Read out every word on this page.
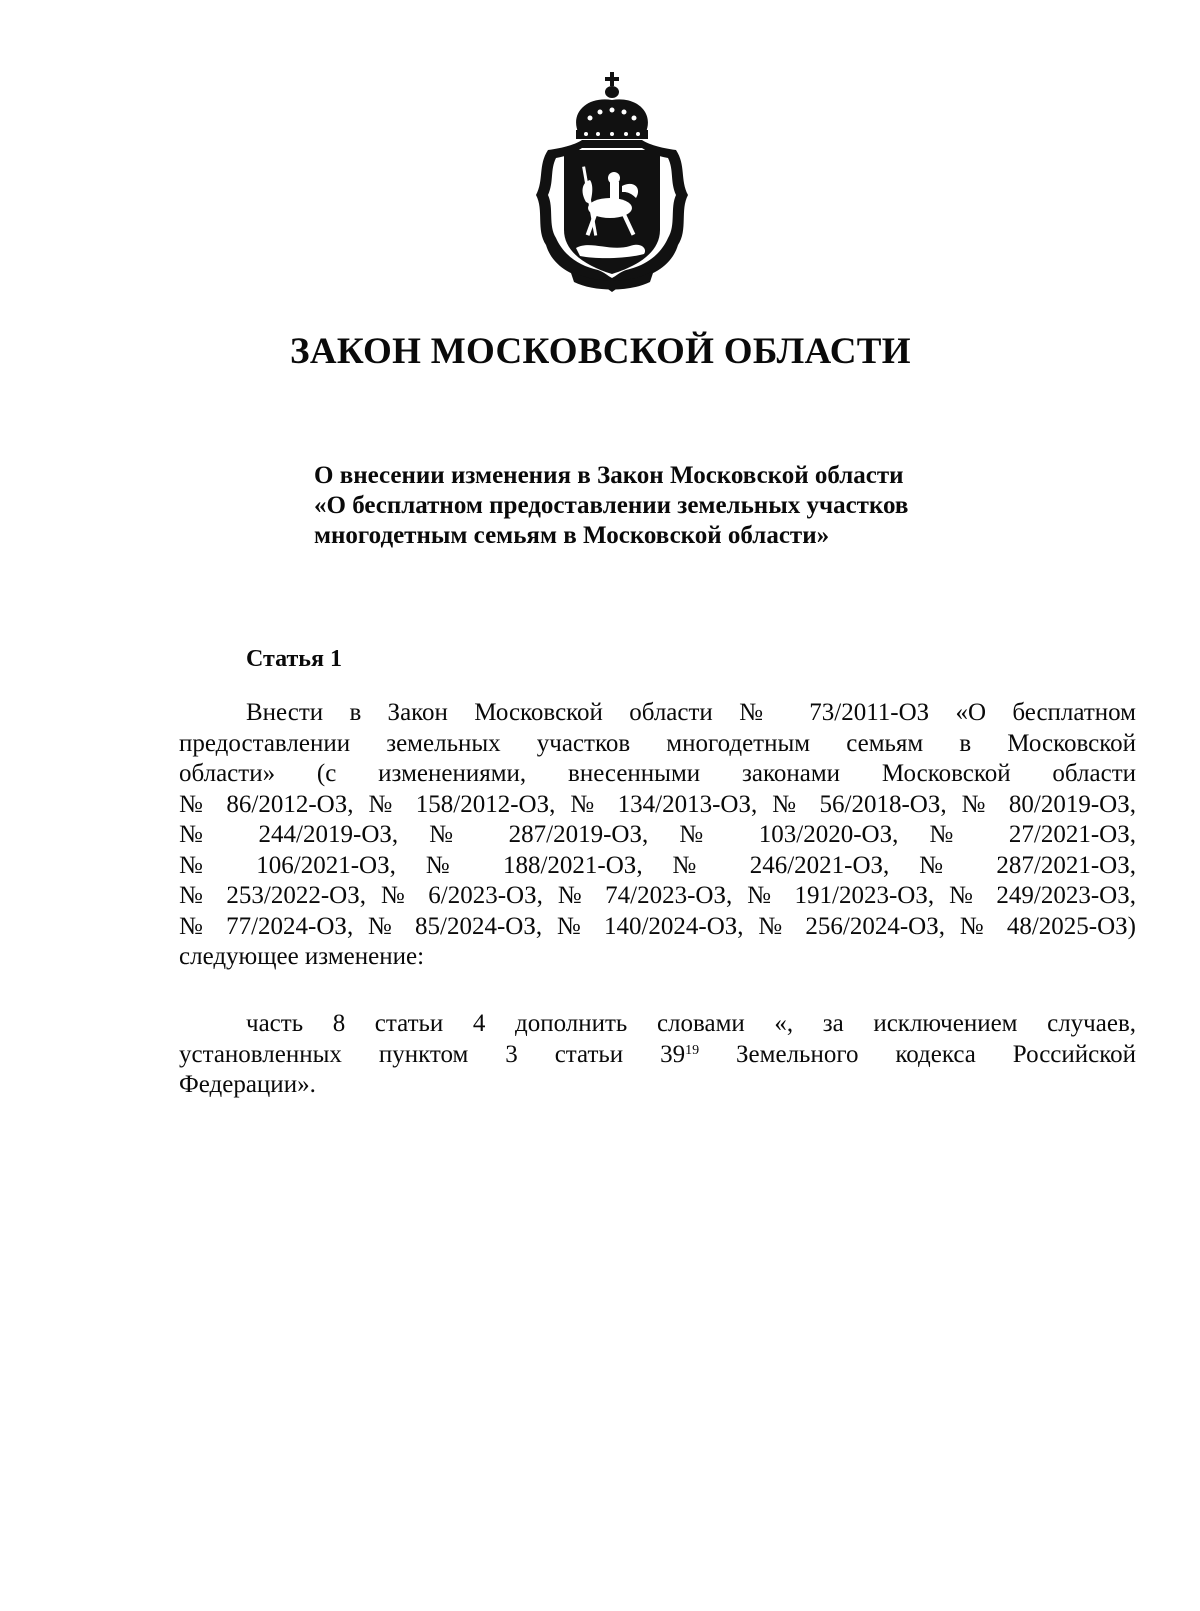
ЗАКОН МОСКОВСКОЙ ОБЛАСТИ
О внесении изменения в Закон Московской области
«О бесплатном предоставлении земельных участков
многодетным семьям в Московской области»
Статья 1
Внести в Закон Московской области № 73/2011-ОЗ «О бесплатном
предоставлении земельных участков многодетным семьям в Московской
области» (с изменениями, внесенными законами Московской области
№ 86/2012-ОЗ, № 158/2012-ОЗ, № 134/2013-ОЗ, № 56/2018-ОЗ, № 80/2019-ОЗ,
№ 244/2019-ОЗ, № 287/2019-ОЗ, № 103/2020-ОЗ, № 27/2021-ОЗ,
№ 106/2021-ОЗ, № 188/2021-ОЗ, № 246/2021-ОЗ, № 287/2021-ОЗ,
№ 253/2022-ОЗ, № 6/2023-ОЗ, № 74/2023-ОЗ, № 191/2023-ОЗ, № 249/2023-ОЗ,
№ 77/2024-ОЗ, № 85/2024-ОЗ, № 140/2024-ОЗ, № 256/2024-ОЗ, № 48/2025-ОЗ)
следующее изменение:
часть 8 статьи 4 дополнить словами «, за исключением случаев,
установленных пунктом 3 статьи $39^{19}$ Земельного кодекса Российской
Федерации».
